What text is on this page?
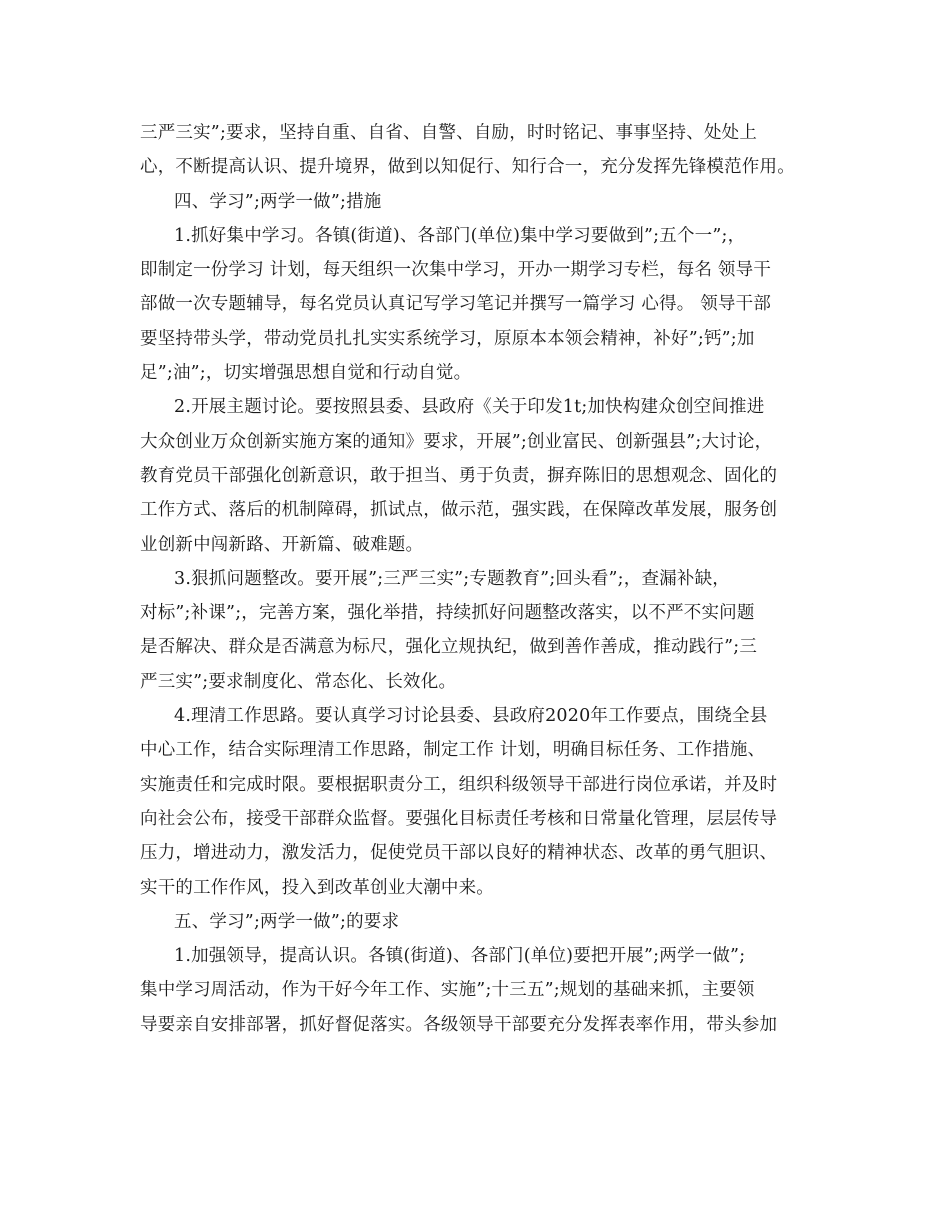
三严三实”;要求，坚持自重、自省、自警、自励，时时铭记、事事坚持、处处上
心，不断提高认识、提升境界，做到以知促行、知行合一，充分发挥先锋模范作用。
四、学习”;两学一做”;措施
1.抓好集中学习。各镇(街道)、各部门(单位)集中学习要做到”;五个一”;，
即制定一份学习 计划，每天组织一次集中学习，开办一期学习专栏，每名 领导干
部做一次专题辅导，每名党员认真记写学习笔记并撰写一篇学习 心得。 领导干部
要坚持带头学，带动党员扎扎实实系统学习，原原本本领会精神，补好”;钙”;加
足”;油”;，切实增强思想自觉和行动自觉。
2.开展主题讨论。要按照县委、县政府《关于印发1t;加快构建众创空间推进
大众创业万众创新实施方案的通知》要求，开展”;创业富民、创新强县”;大讨论，
教育党员干部强化创新意识，敢于担当、勇于负责，摒弃陈旧的思想观念、固化的
工作方式、落后的机制障碍，抓试点，做示范，强实践，在保障改革发展，服务创
业创新中闯新路、开新篇、破难题。
3.狠抓问题整改。要开展”;三严三实”;专题教育”;回头看”;，查漏补缺，
对标”;补课”;，完善方案，强化举措，持续抓好问题整改落实，以不严不实问题
是否解决、群众是否满意为标尺，强化立规执纪，做到善作善成，推动践行”;三
严三实”;要求制度化、常态化、长效化。
4.理清工作思路。要认真学习讨论县委、县政府2020年工作要点，围绕全县
中心工作，结合实际理清工作思路，制定工作 计划，明确目标任务、工作措施、
实施责任和完成时限。要根据职责分工，组织科级领导干部进行岗位承诺，并及时
向社会公布，接受干部群众监督。要强化目标责任考核和日常量化管理，层层传导
压力，增进动力，激发活力，促使党员干部以良好的精神状态、改革的勇气胆识、
实干的工作作风，投入到改革创业大潮中来。
五、学习”;两学一做”;的要求
1.加强领导，提高认识。各镇(街道)、各部门(单位)要把开展”;两学一做”;
集中学习周活动，作为干好今年工作、实施”;十三五”;规划的基础来抓，主要领
导要亲自安排部署，抓好督促落实。各级领导干部要充分发挥表率作用，带头参加
